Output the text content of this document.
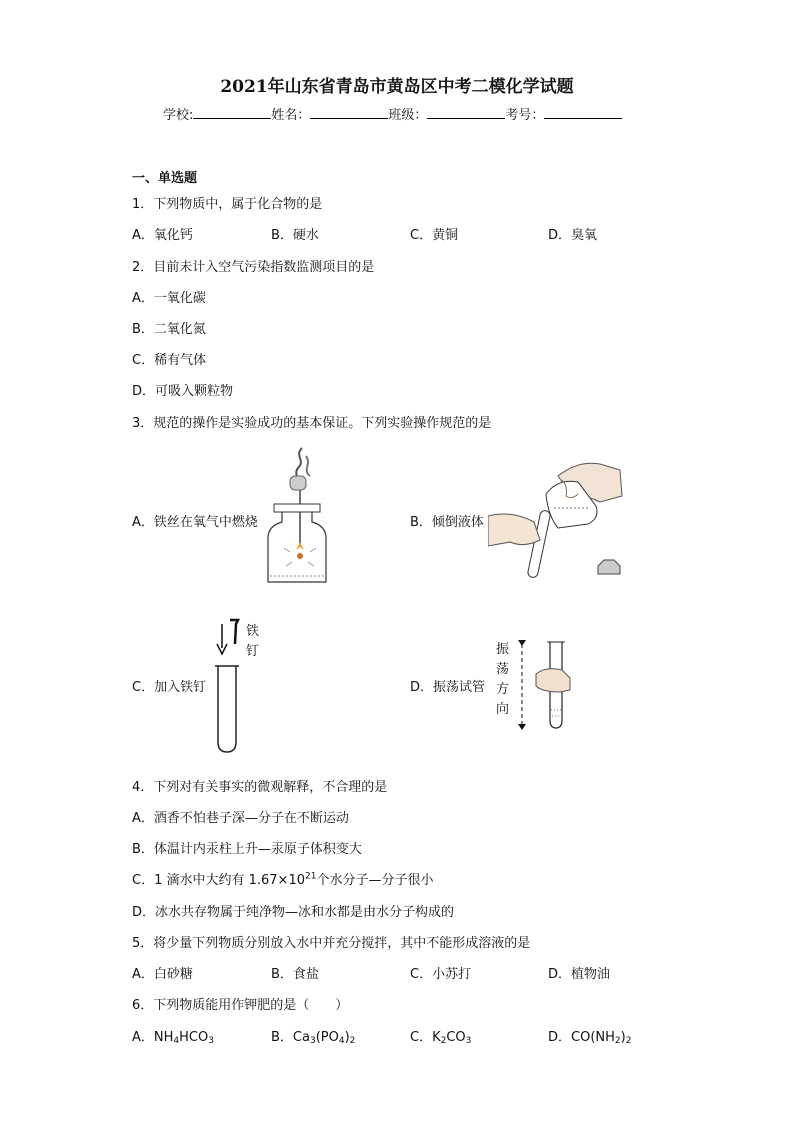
2021年山东省青岛市黄岛区中考二模化学试题
学校:	姓名：	班级：	考号：
一、单选题
1．下列物质中，属于化合物的是
A．氧化钙	B．硬水	C．黄铜	D．臭氧
2．目前未计入空气污染指数监测项目的是
A．一氧化碳
B．二氧化氮
C．稀有气体
D．可吸入颗粒物
3．规范的操作是实验成功的基本保证。下列实验操作规范的是
A．铁丝在氧气中燃烧	B．倾倒液体
C．加入铁钉
铁
钉
D．振荡试管
振
荡
方
向
4．下列对有关事实的微观解释，不合理的是
A．酒香不怕巷子深—分子在不断运动
B．体温计内汞柱上升—汞原子体积变大
C．1 滴水中大约有 $1.67\times 10^{21}$个水分子—分子很小
D．冰水共存物属于纯净物—冰和水都是由水分子构成的
5．将少量下列物质分别放入水中并充分搅拌，其中不能形成溶液的是
A．白砂糖	B．食盐	C．小苏打	D．植物油
6．下列物质能用作钾肥的是（　　）
A．$NH_4HCO_3$	B．$Ca_3(PO_4)_2$	C．$K_2CO_3$	D．$CO(NH_2)_2$
